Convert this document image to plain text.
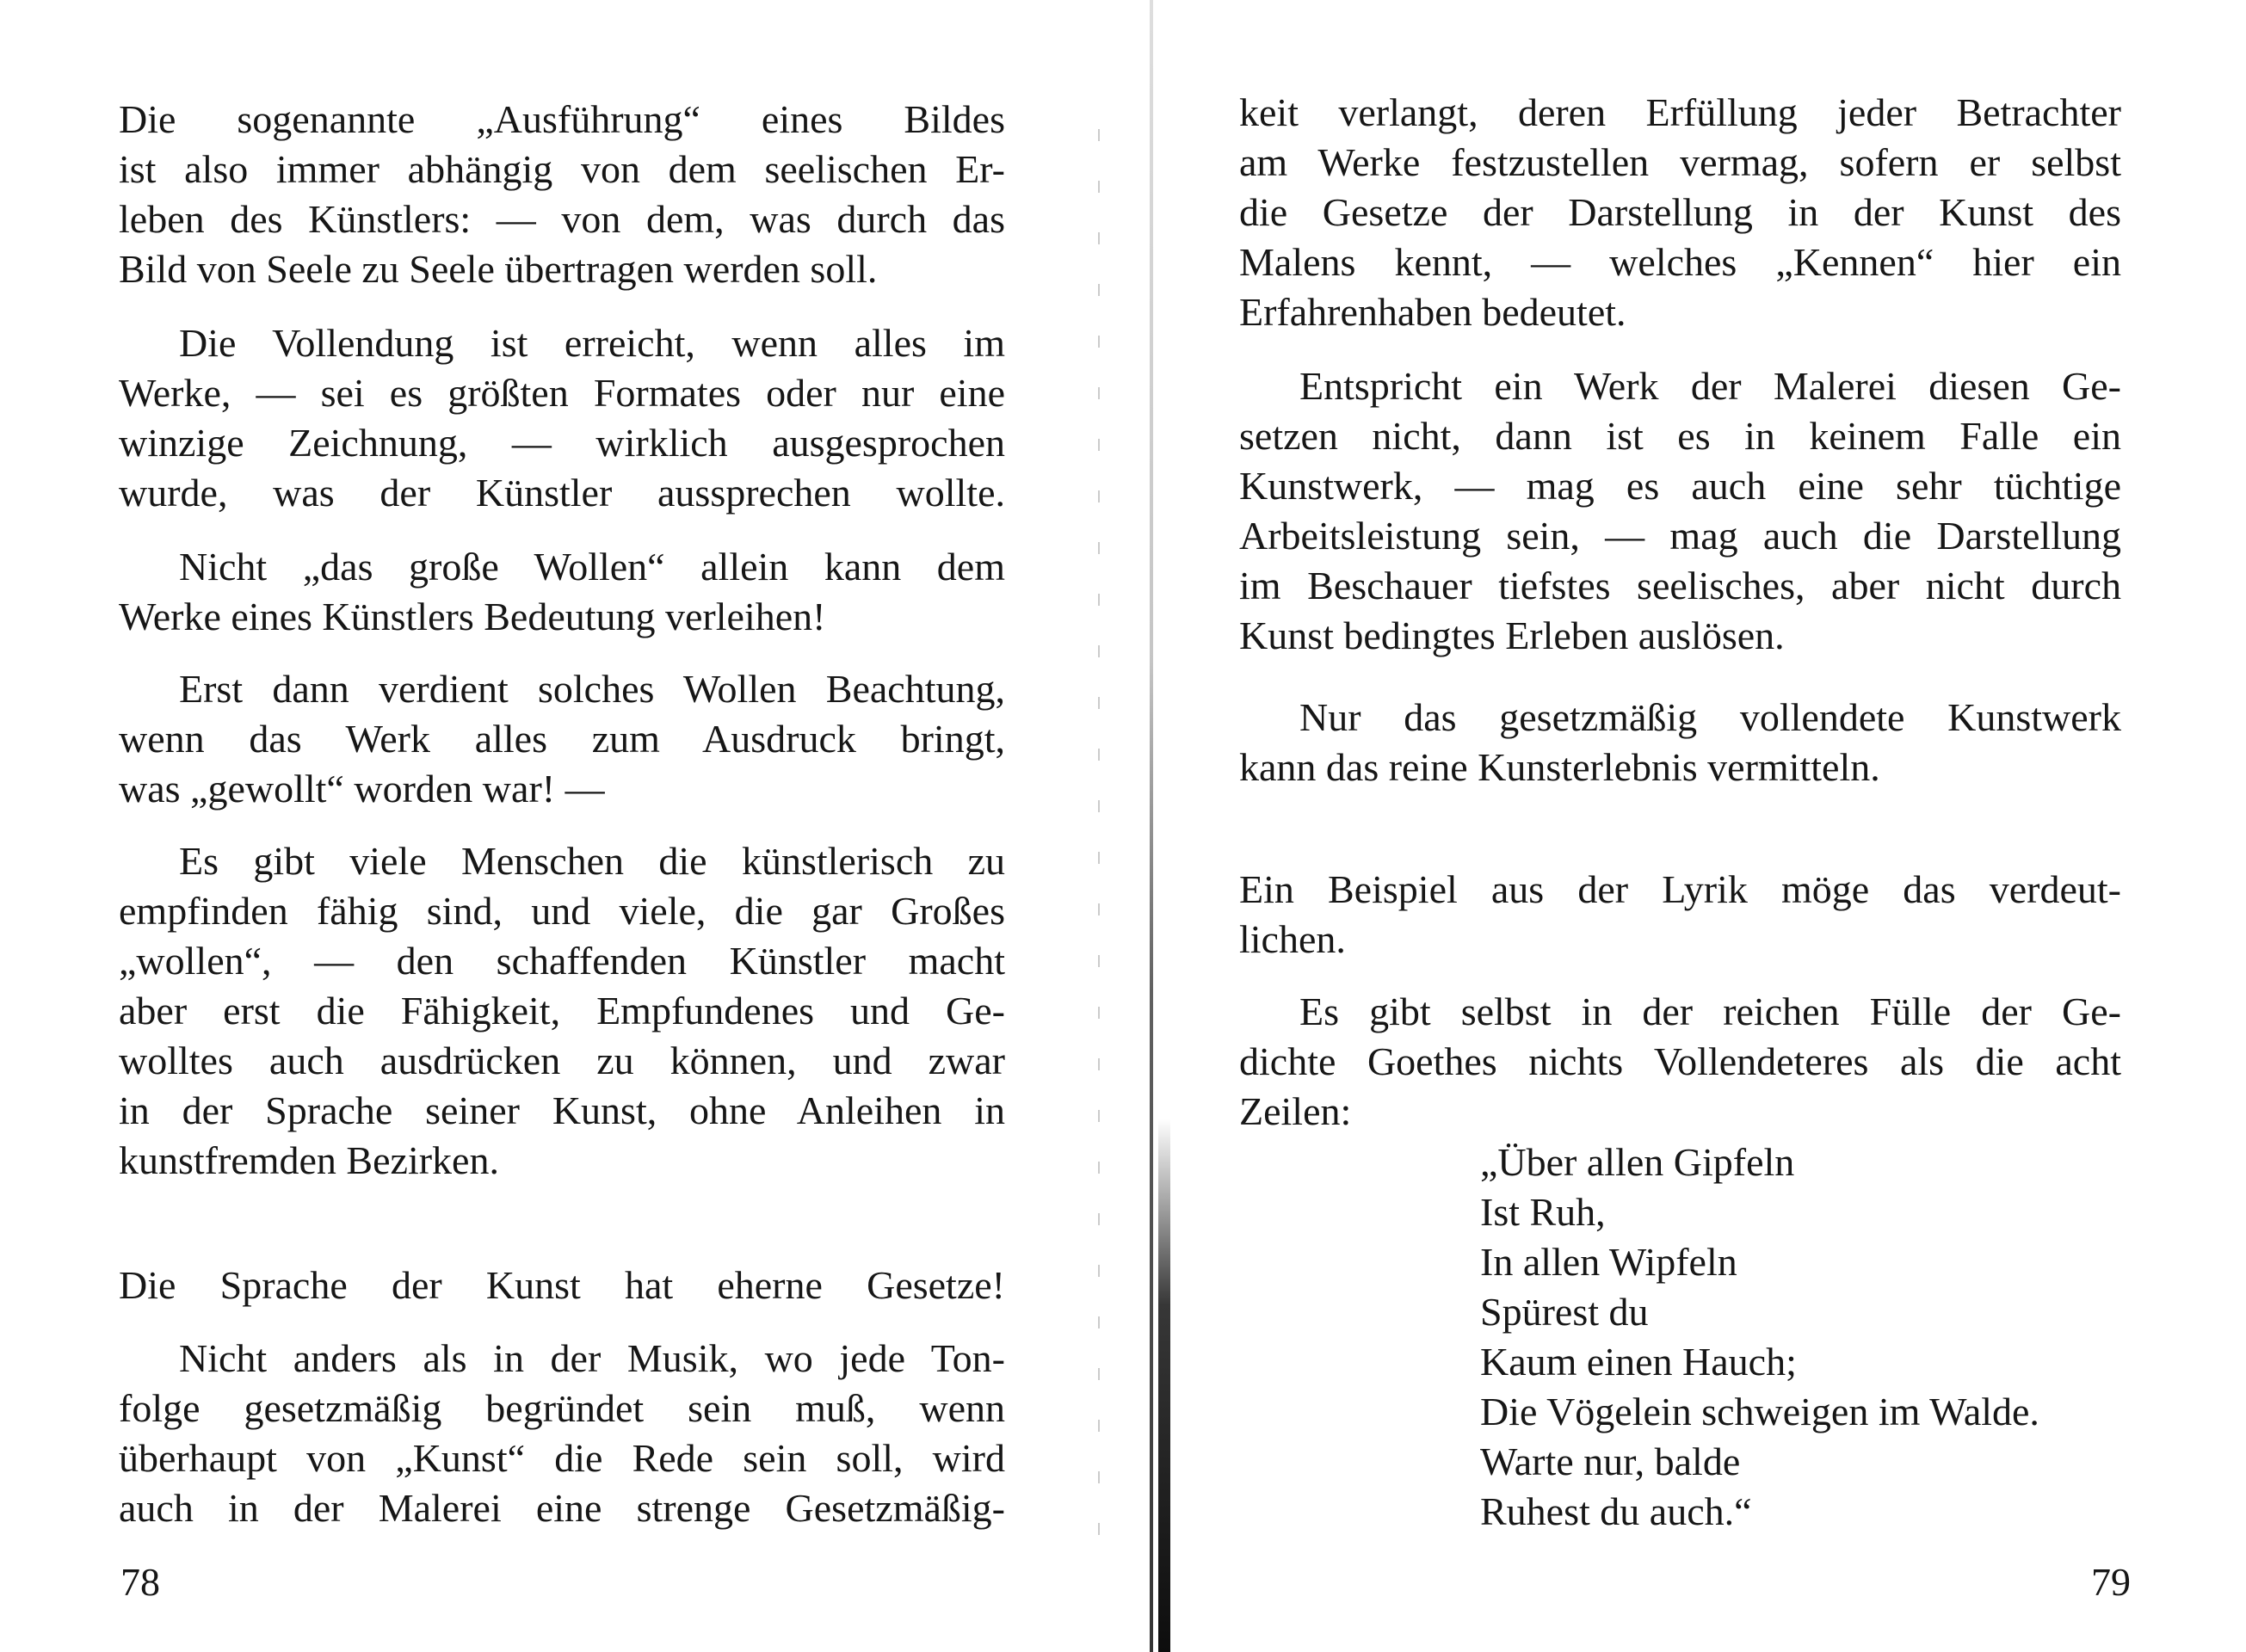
Die sogenannte „Ausführung“ eines Bildes
ist also immer abhängig von dem seelischen Er-
leben des Künstlers: — von dem, was durch das
Bild von Seele zu Seele übertragen werden soll.
Die Vollendung ist erreicht, wenn alles im
Werke, — sei es größten Formates oder nur eine
winzige Zeichnung, — wirklich ausgesprochen
wurde, was der Künstler aussprechen wollte.
Nicht „das große Wollen“ allein kann dem
Werke eines Künstlers Bedeutung verleihen!
Erst dann verdient solches Wollen Beachtung,
wenn das Werk alles zum Ausdruck bringt,
was „gewollt“ worden war! —
Es gibt viele Menschen die künstlerisch zu
empfinden fähig sind, und viele, die gar Großes
„wollen“, — den schaffenden Künstler macht
aber erst die Fähigkeit, Empfundenes und Ge-
wolltes auch ausdrücken zu können, und zwar
in der Sprache seiner Kunst, ohne Anleihen in
kunstfremden Bezirken.
Die Sprache der Kunst hat eherne Gesetze!
Nicht anders als in der Musik, wo jede Ton-
folge gesetzmäßig begründet sein muß, wenn
überhaupt von „Kunst“ die Rede sein soll, wird
auch in der Malerei eine strenge Gesetzmäßig-
78
keit verlangt, deren Erfüllung jeder Betrachter
am Werke festzustellen vermag, sofern er selbst
die Gesetze der Darstellung in der Kunst des
Malens kennt, — welches „Kennen“ hier ein
Erfahrenhaben bedeutet.
Entspricht ein Werk der Malerei diesen Ge-
setzen nicht, dann ist es in keinem Falle ein
Kunstwerk, — mag es auch eine sehr tüchtige
Arbeitsleistung sein, — mag auch die Darstellung
im Beschauer tiefstes seelisches, aber nicht durch
Kunst bedingtes Erleben auslösen.
Nur das gesetzmäßig vollendete Kunstwerk
kann das reine Kunsterlebnis vermitteln.
Ein Beispiel aus der Lyrik möge das verdeut-
lichen.
Es gibt selbst in der reichen Fülle der Ge-
dichte Goethes nichts Vollendeteres als die acht
Zeilen:
„Über allen Gipfeln
Ist Ruh,
In allen Wipfeln
Spürest du
Kaum einen Hauch;
Die Vögelein schweigen im Walde.
Warte nur, balde
Ruhest du auch.“
79
